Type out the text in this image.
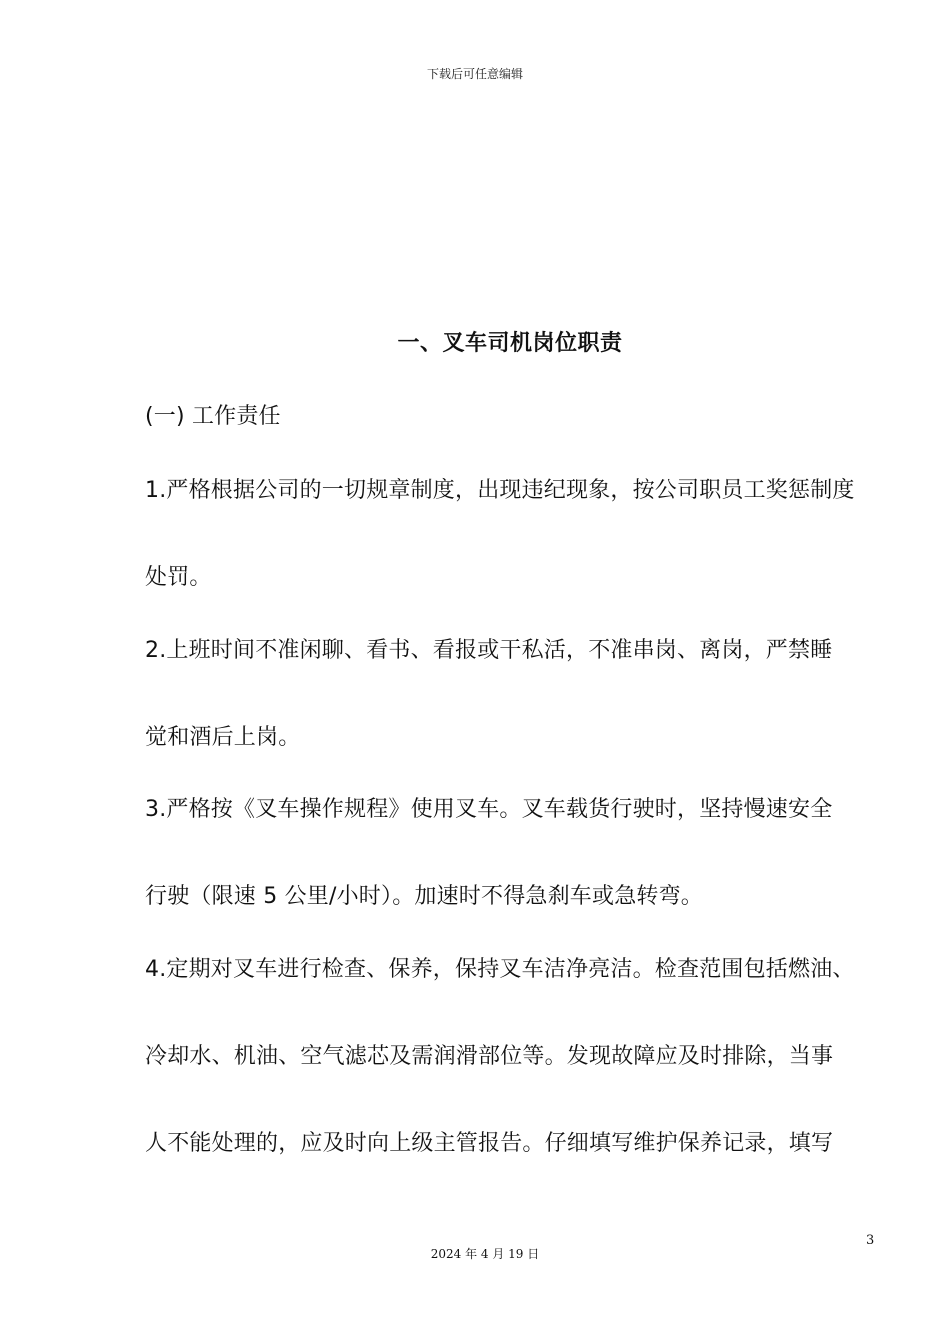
下载后可任意编辑
一、叉车司机岗位职责
(一) 工作责任
1.严格根据公司的一切规章制度，出现违纪现象，按公司职员工奖惩制度
处罚。
2.上班时间不准闲聊、看书、看报或干私活，不准串岗、离岗，严禁睡
觉和酒后上岗。
3.严格按《叉车操作规程》使用叉车。叉车载货行驶时，坚持慢速安全
行驶（限速 5 公里/小时）。加速时不得急刹车或急转弯。
4.定期对叉车进行检查、保养，保持叉车洁净亮洁。检查范围包括燃油、
冷却水、机油、空气滤芯及需润滑部位等。发现故障应及时排除，当事
人不能处理的，应及时向上级主管报告。仔细填写维护保养记录，填写
3
2024 年 4 月 19 日
